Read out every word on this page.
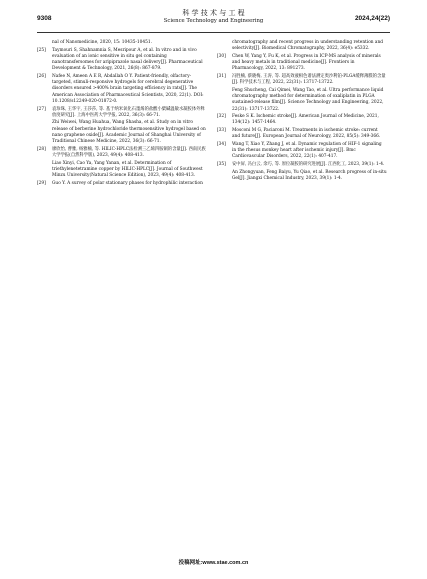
9308
科 学 技 术 与 工 程
Science Technology and Engineering	2024,24(22)
nal of Nanomedicine, 2020, 15: 10435-10451.
[25] Taymouri S, Shahnamnia S, Mesripour A, et al. In vitro and in vivo evaluation of an ionic sensitive in situ gel containing nanotransfersomes for aripiprazole nasal delivery[J]. Pharmaceutical Development & Technology, 2021, 26(8): 867-879.
[26] Nafee N, Ameen A E R, Abdallah O Y. Patient-friendly, olfactory-targeted, stimuli-responsive hydrogels for cerebral degenerative disorders ensured >400% brain targeting efficiency in rats[J]. The American Association of Pharmaceutical Scientists, 2020, 22(1). DOI: 10.1208/s12249-020-01872-0.
[27] 袁珍珠, 王华宇, 王莎莎, 等. 基于纳米氧化石墨烯的盐酸小檗碱温敏水凝胶体外释放度研究[J]. 上海中医药大学学报, 2022, 36(3): 66-71.
Zhi Weiwei, Wang Huahua, Wang Shasha, et al. Study on in vitro release of berberine hydrochloride thermosensitive hydrogel based on nano graphene oxide[J]. Academic Journal of Shanghai University of Traditional Chinese Medicine, 2022, 36(3): 66-71.
[28] 廖欣怡, 曹雅, 杨雅楠, 等. HILIC-HPLC法检测三乙烯四胺铜的含量[J]. 西南民族大学学报(自然科学版), 2023, 49(4): 408-413.
Liao Xinyi, Cao Ya, Yang Yanan, et al. Determination of triethylenetetramine copper by HILIC-HPLC[J]. Journal of Southwest Minzu University(Natural Science Edition), 2023, 49(4): 408-413.
[29] Guo Y. A survey of polar stationary phases for hydrophilic interaction
chromatography and recent progress in understanding retention and selectivity[J]. Biomedical Chromatography, 2022, 36(4): e5332.
[30] Chen W, Yang Y, Fu K, et al. Progress in ICP-MS analysis of minerals and heavy metals in traditional medicine[J]. Frontiers in Pharmacology, 2022, 13: 891273.
[31] 冯胜楠, 蔡晓梅, 王涛, 等. 超高效液相色谱法测定奥沙利铂-PLGA缓释薄膜的含量[J]. 科学技术与工程, 2022, 22(31): 13717-13722.
Feng Shucheng, Cai Qimei, Wang Tao, et al. Ultra performance liquid chromatography method for determination of oxaliplatin in PLGA sustained-release film[J]. Science Technology and Engineering, 2022, 22(31): 13717-13722.
[32] Feske S K. Ischemic stroke[J]. American Journal of Medicine, 2021, 134(12): 1457-1464.
[33] Mosconi M G, Paciaroni M. Treatments in ischemic stroke: current and future[J]. European Journal of Neurology, 2022, 85(5): 349-366.
[34] Wang T, Xiao Y, Zhang J, et al. Dynamic regulation of HIF-1 signaling in the rhesus monkey heart after ischemic injury[J]. Bmc Cardiovascular Disorders, 2022, 22(1): 407-417.
[35] 安中屏, 冯白云, 余巧, 等. 原位凝胶的研究进展[J]. 江西化工, 2023, 39(1): 1-4.
An Zhongyuan, Feng Baiyu, Yu Qiao, et al. Research progress of in-situ Gel[J]. Jiangxi Chemical Industry, 2023, 39(1): 1-4.
投稿网址:www.stae.com.cn
